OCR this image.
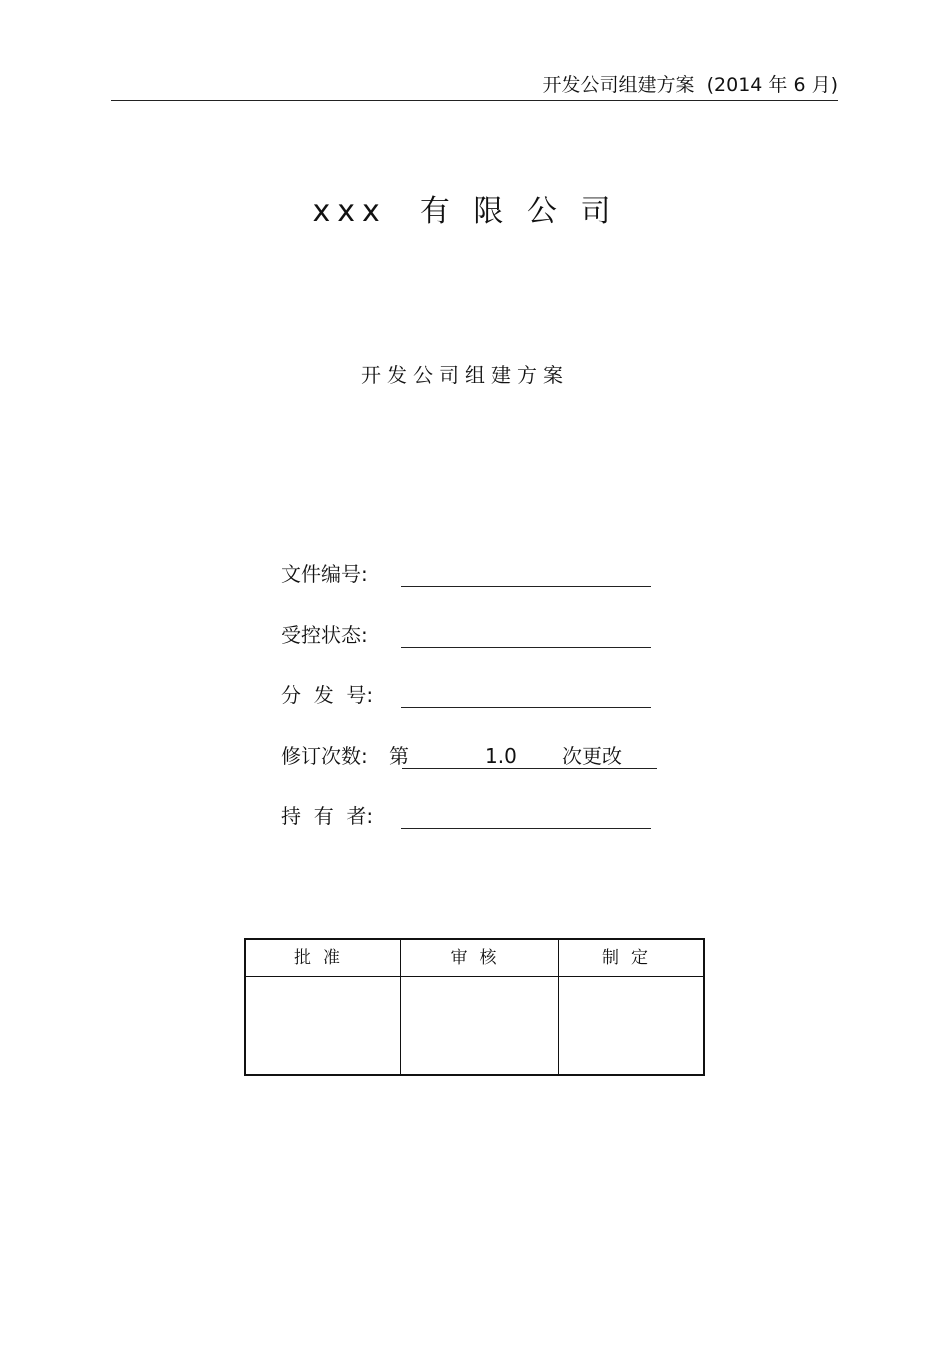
开发公司组建方案  (2014 年 6 月)
xxx  有 限 公 司
开发公司组建方案
文件编号:
受控状态:
分  发  号:
修订次数: 第	1.0 次更改
持  有  者:
批准	审核	制定
